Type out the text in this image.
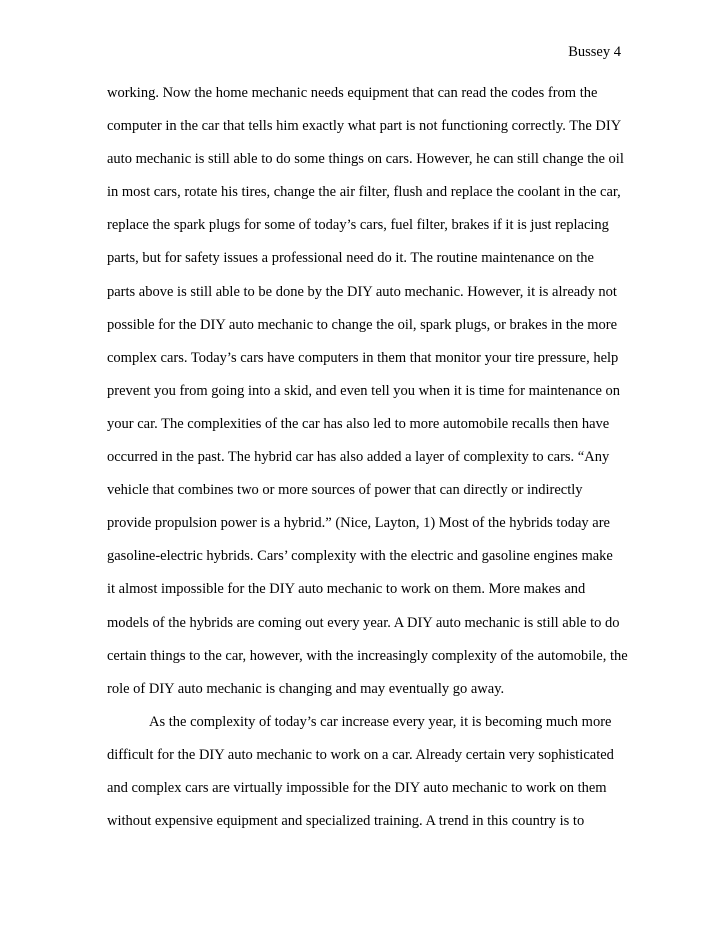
Bussey 4
working. Now the home mechanic needs equipment that can read the codes from the
computer in the car that tells him exactly what part is not functioning correctly. The DIY
auto mechanic is still able to do some things on cars. However, he can still change the oil
in most cars, rotate his tires, change the air filter, flush and replace the coolant in the car,
replace the spark plugs for some of today’s cars, fuel filter, brakes if it is just replacing
parts, but for safety issues a professional need do it. The routine maintenance on the
parts above is still able to be done by the DIY auto mechanic. However, it is already not
possible for the DIY auto mechanic to change the oil, spark plugs, or brakes in the more
complex cars. Today’s cars have computers in them that monitor your tire pressure, help
prevent you from going into a skid, and even tell you when it is time for maintenance on
your car. The complexities of the car has also led to more automobile recalls then have
occurred in the past. The hybrid car has also added a layer of complexity to cars. “Any
vehicle that combines two or more sources of power that can directly or indirectly
provide propulsion power is a hybrid.” (Nice, Layton, 1) Most of the hybrids today are
gasoline-electric hybrids. Cars’ complexity with the electric and gasoline engines make
it almost impossible for the DIY auto mechanic to work on them. More makes and
models of the hybrids are coming out every year. A DIY auto mechanic is still able to do
certain things to the car, however, with the increasingly complexity of the automobile, the
role of DIY auto mechanic is changing and may eventually go away.
As the complexity of today’s car increase every year, it is becoming much more
difficult for the DIY auto mechanic to work on a car. Already certain very sophisticated
and complex cars are virtually impossible for the DIY auto mechanic to work on them
without expensive equipment and specialized training. A trend in this country is to
